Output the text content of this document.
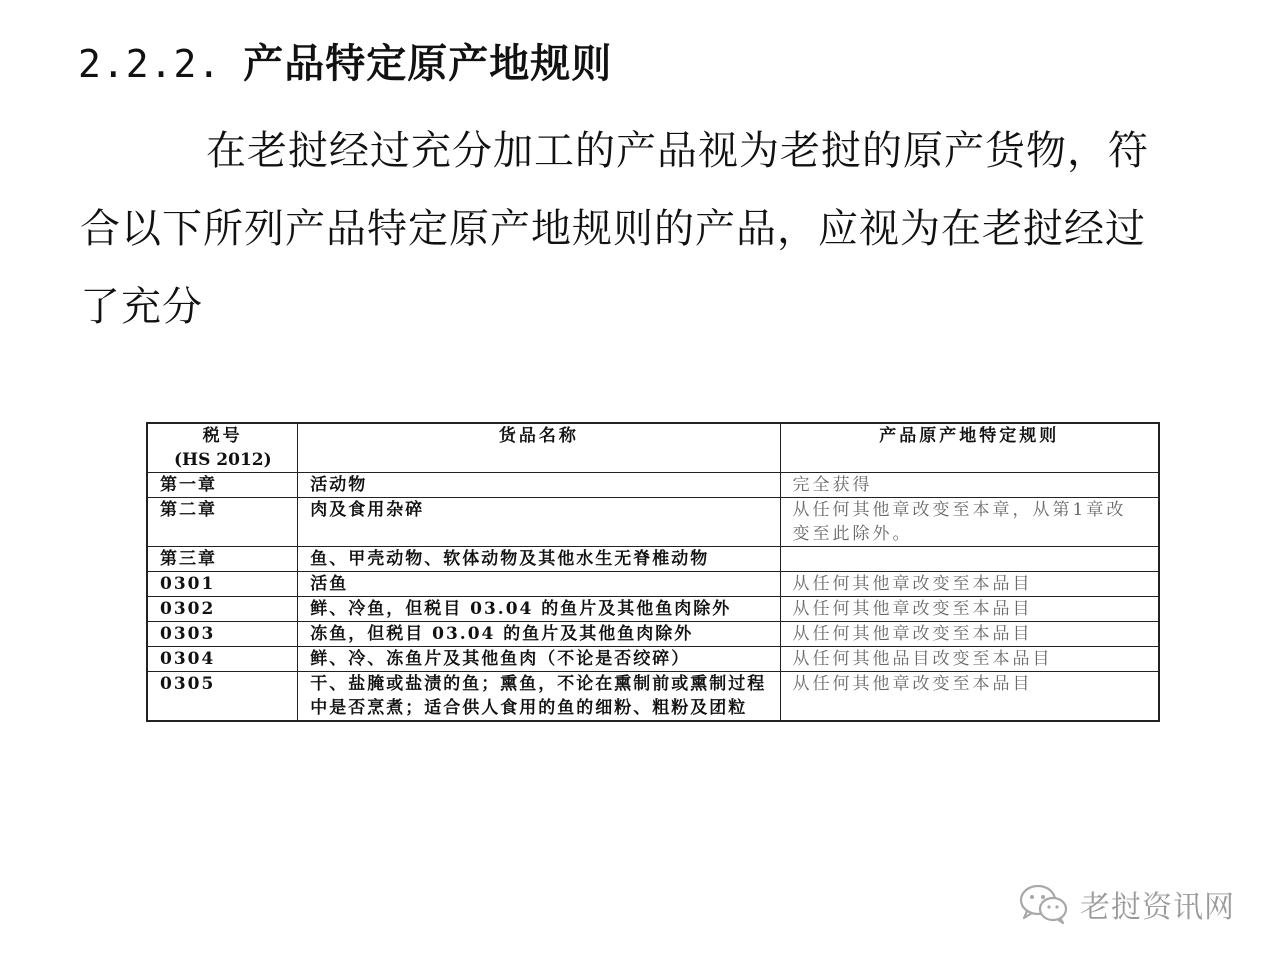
2.2.2. 产品特定原产地规则

在老挝经过充分加工的产品视为老挝的原产货物，符
合以下所列产品特定原产地规则的产品，应视为在老挝经过
了充分

税号
(HS 2012)	货品名称	产品原产地特定规则
第一章	活动物	完全获得
第二章	肉及食用杂碎	从任何其他章改变至本章，从第1章改变至此除外。
第三章	鱼、甲壳动物、软体动物及其他水生无脊椎动物	
0301	活鱼	从任何其他章改变至本品目
0302	鲜、冷鱼，但税目 03.04 的鱼片及其他鱼肉除外	从任何其他章改变至本品目
0303	冻鱼，但税目 03.04 的鱼片及其他鱼肉除外	从任何其他章改变至本品目
0304	鲜、冷、冻鱼片及其他鱼肉（不论是否绞碎）	从任何其他品目改变至本品目
0305	干、盐腌或盐渍的鱼；熏鱼，不论在熏制前或熏制过程中是否烹煮；适合供人食用的鱼的细粉、粗粉及团粒	从任何其他章改变至本品目
老挝资讯网
